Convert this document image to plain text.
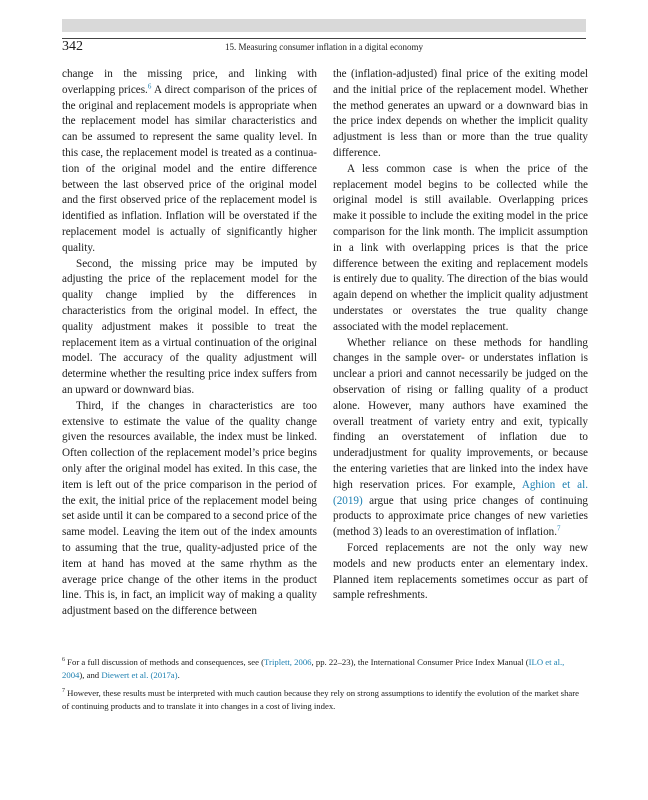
342	15. Measuring consumer inflation in a digital economy

change in the missing price, and linking with overlapping prices.$^6$ A direct comparison of the prices of the original and replacement models is appropriate when the replacement model has similar characteristics and can be assumed to represent the same quality level. In this case, the replacement model is treated as a continuation of the original model and the entire difference between the last observed price of the original model and the first observed price of the replacement model is identified as inflation. Inflation will be overstated if the replacement model is actually of significantly higher quality.

Second, the missing price may be imputed by adjusting the price of the replacement model for the quality change implied by the differences in characteristics from the original model. In effect, the quality adjustment makes it possible to treat the replacement item as a virtual continuation of the original model. The accuracy of the quality adjustment will determine whether the resulting price index suffers from an upward or downward bias.

Third, if the changes in characteristics are too extensive to estimate the value of the quality change given the resources available, the index must be linked. Often collection of the replacement model’s price begins only after the original model has exited. In this case, the item is left out of the price comparison in the period of the exit, the initial price of the replacement model being set aside until it can be compared to a second price of the same model. Leaving the item out of the index amounts to assuming that the true, quality-adjusted price of the item at hand has moved at the same rhythm as the average price change of the other items in the product line. This is, in fact, an implicit way of making a quality adjustment based on the difference between

the (inflation-adjusted) final price of the exiting model and the initial price of the replacement model. Whether the method generates an upward or a downward bias in the price index depends on whether the implicit quality adjustment is less than or more than the true quality difference.

A less common case is when the price of the replacement model begins to be collected while the original model is still available. Overlapping prices make it possible to include the exiting model in the price comparison for the link month. The implicit assumption in a link with overlapping prices is that the price difference between the exiting and replacement models is entirely due to quality. The direction of the bias would again depend on whether the implicit quality adjustment understates or overstates the true quality change associated with the model replacement.

Whether reliance on these methods for handling changes in the sample over- or understates inflation is unclear a priori and cannot necessarily be judged on the observation of rising or falling quality of a product alone. However, many authors have examined the overall treatment of variety entry and exit, typically finding an overstatement of inflation due to underadjustment for quality improvements, or because the entering varieties that are linked into the index have high reservation prices. For example, Aghion et al. (2019) argue that using price changes of continuing products to approximate price changes of new varieties (method 3) leads to an overestimation of inflation.$^7$

Forced replacements are not the only way new models and new products enter an elementary index. Planned item replacements sometimes occur as part of sample refreshments.

$^6$ For a full discussion of methods and consequences, see (Triplett, 2006, pp. 22–23), the International Consumer Price Index Manual (ILO et al., 2004), and Diewert et al. (2017a).

$^7$ However, these results must be interpreted with much caution because they rely on strong assumptions to identify the evolution of the market share of continuing products and to translate it into changes in a cost of living index.
